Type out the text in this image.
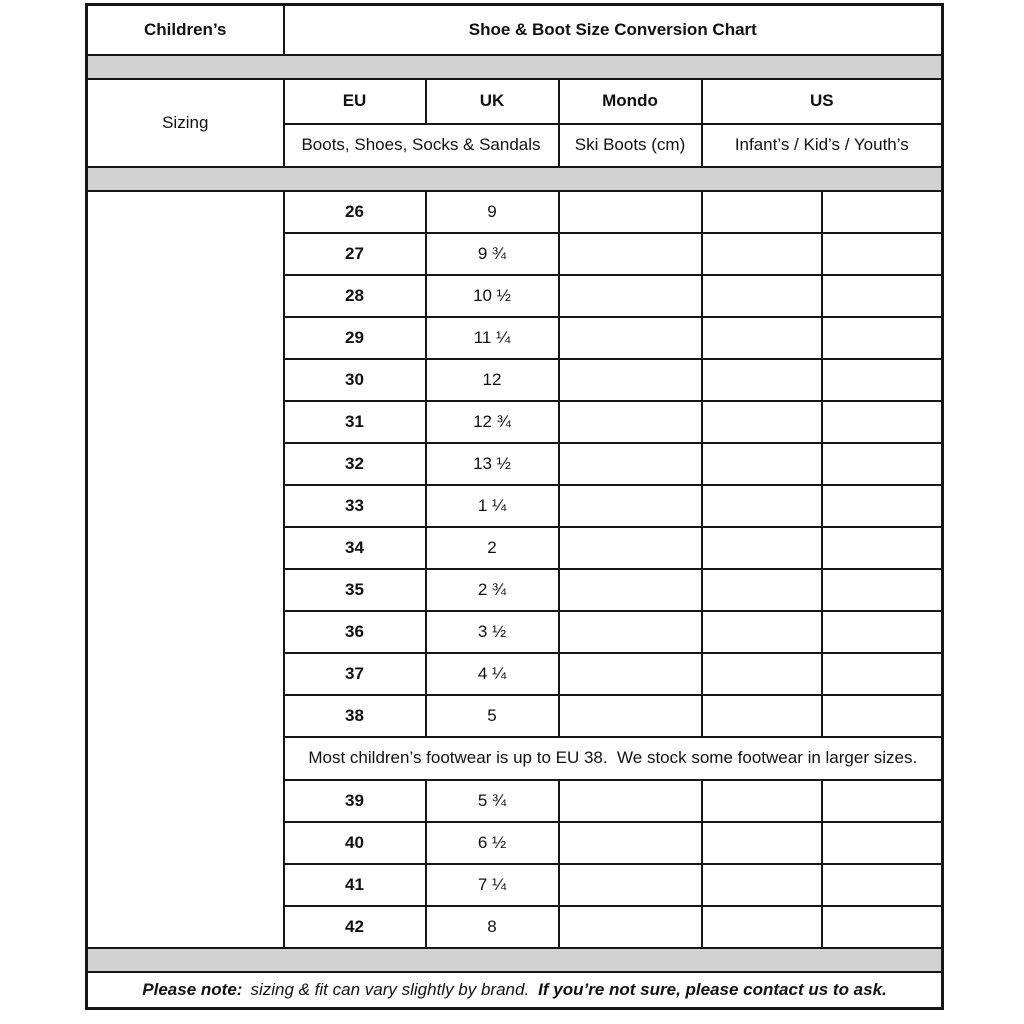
Children’s	Shoe & Boot Size Conversion Chart				

Sizing	EU	UK	Mondo	US	
	Boots, Shoes, Socks & Sandals		Ski Boots (cm)	Infant’s / Kid’s / Youth’s	

	26	9			
	27	9 ¾			
	28	10 ½			
	29	11 ¼			
	30	12			
	31	12 ¾			
	32	13 ½			
	33	1 ¼			
	34	2			
	35	2 ¾			
	36	3 ½			
	37	4 ¼			
	38	5			
	Most children’s footwear is up to EU 38.  We stock some footwear in larger sizes.				
	39	5 ¾			
	40	6 ½			
	41	7 ¼			
	42	8			

Please note: sizing & fit can vary slightly by brand. If you’re not sure, please contact us to ask.					
